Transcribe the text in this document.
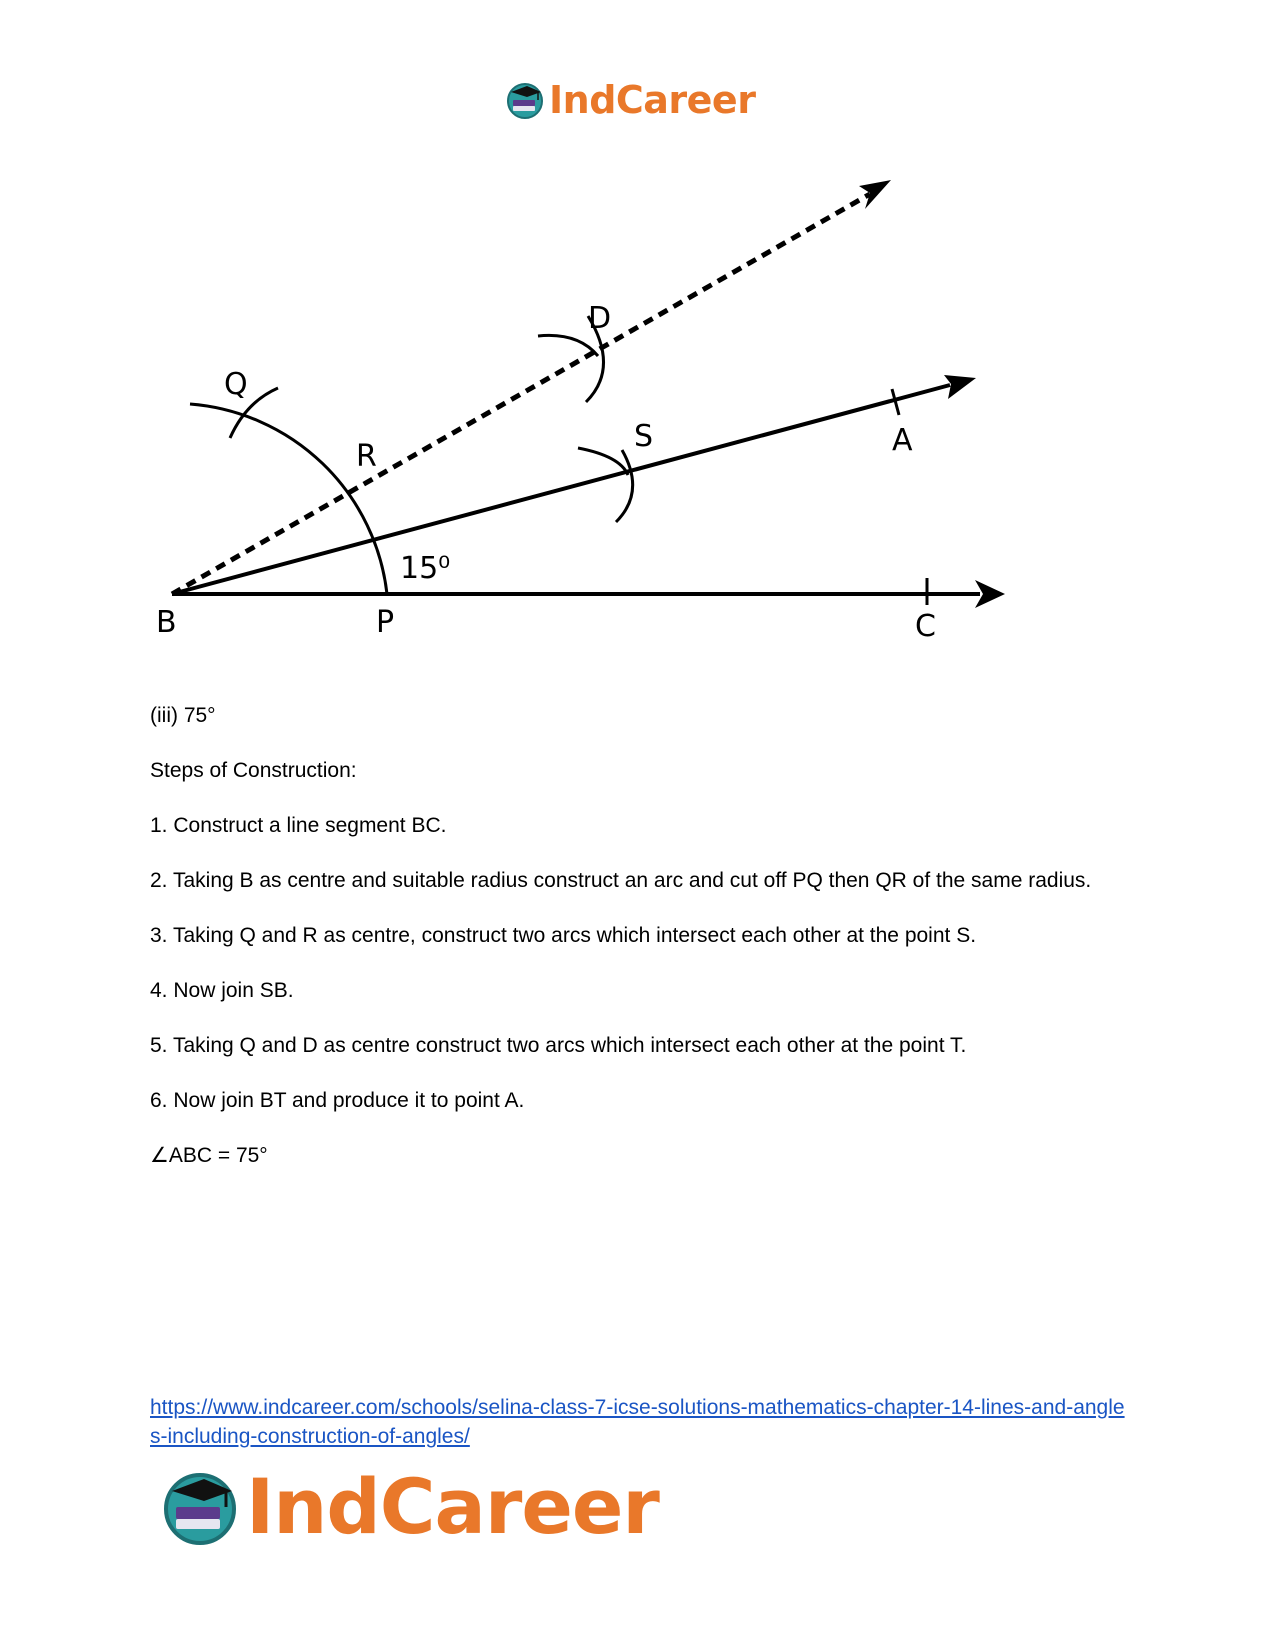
IndCareer
B	P	C
Q
R
S
D
A
15⁰

(iii) 75°

Steps of Construction:

1. Construct a line segment BC.

2. Taking B as centre and suitable radius construct an arc and cut off PQ then QR of the same radius.

3. Taking Q and R as centre, construct two arcs which intersect each other at the point S.

4. Now join SB.

5. Taking Q and D as centre construct two arcs which intersect each other at the point T.

6. Now join BT and produce it to point A.

∠ABC = 75°

https://www.indcareer.com/schools/selina-class-7-icse-solutions-mathematics-chapter-14-lines-and-angles-including-construction-of-angles/
IndCareer
